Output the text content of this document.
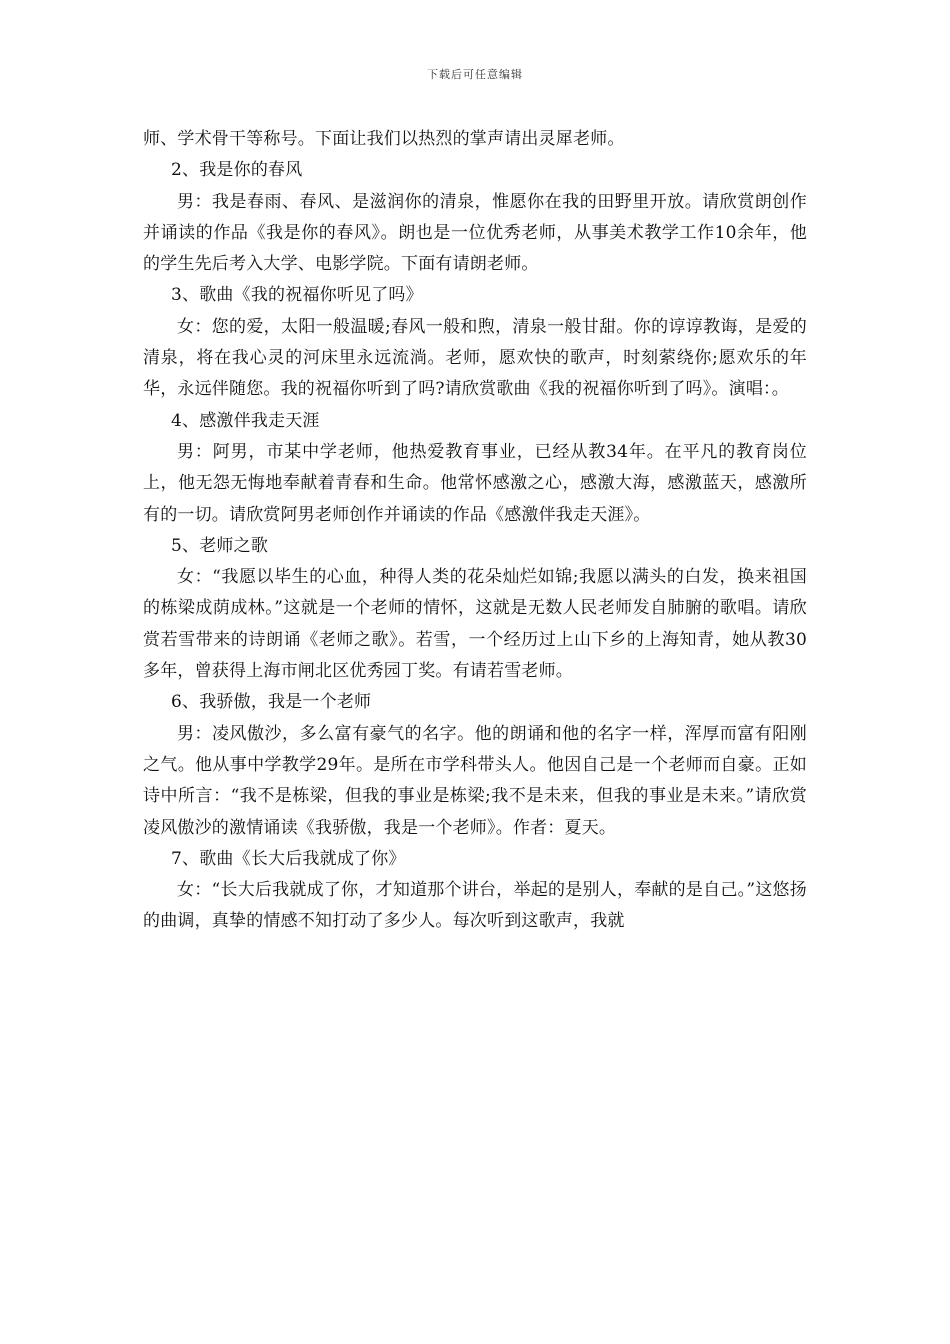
下载后可任意编辑

师、学术骨干等称号。下面让我们以热烈的掌声请出灵犀老师。

2、我是你的春风

男：我是春雨、春风、是滋润你的清泉，惟愿你在我的田野里开放。请欣赏朗创作并诵读的作品《我是你的春风》。朗也是一位优秀老师，从事美术教学工作10余年，他的学生先后考入大学、电影学院。下面有请朗老师。

3、歌曲《我的祝福你听见了吗》

女：您的爱，太阳一般温暖;春风一般和煦，清泉一般甘甜。你的谆谆教诲，是爱的清泉，将在我心灵的河床里永远流淌。老师，愿欢快的歌声，时刻萦绕你;愿欢乐的年华，永远伴随您。我的祝福你听到了吗?请欣赏歌曲《我的祝福你听到了吗》。演唱：。

4、感激伴我走天涯

男：阿男，市某中学老师，他热爱教育事业，已经从教34年。在平凡的教育岗位上，他无怨无悔地奉献着青春和生命。他常怀感激之心，感激大海，感激蓝天，感激所有的一切。请欣赏阿男老师创作并诵读的作品《感激伴我走天涯》。

5、老师之歌

女：“我愿以毕生的心血，种得人类的花朵灿烂如锦;我愿以满头的白发，换来祖国的栋梁成荫成林。”这就是一个老师的情怀，这就是无数人民老师发自肺腑的歌唱。请欣赏若雪带来的诗朗诵《老师之歌》。若雪，一个经历过上山下乡的上海知青，她从教30多年，曾获得上海市闸北区优秀园丁奖。有请若雪老师。

6、我骄傲，我是一个老师

男：凌风傲沙，多么富有豪气的名字。他的朗诵和他的名字一样，浑厚而富有阳刚之气。他从事中学教学29年。是所在市学科带头人。他因自己是一个老师而自豪。正如诗中所言：“我不是栋梁，但我的事业是栋梁;我不是未来，但我的事业是未来。”请欣赏凌风傲沙的激情诵读《我骄傲，我是一个老师》。作者：夏天。

7、歌曲《长大后我就成了你》

女：“长大后我就成了你，才知道那个讲台，举起的是别人，奉献的是自己。”这悠扬的曲调，真挚的情感不知打动了多少人。每次听到这歌声，我就
